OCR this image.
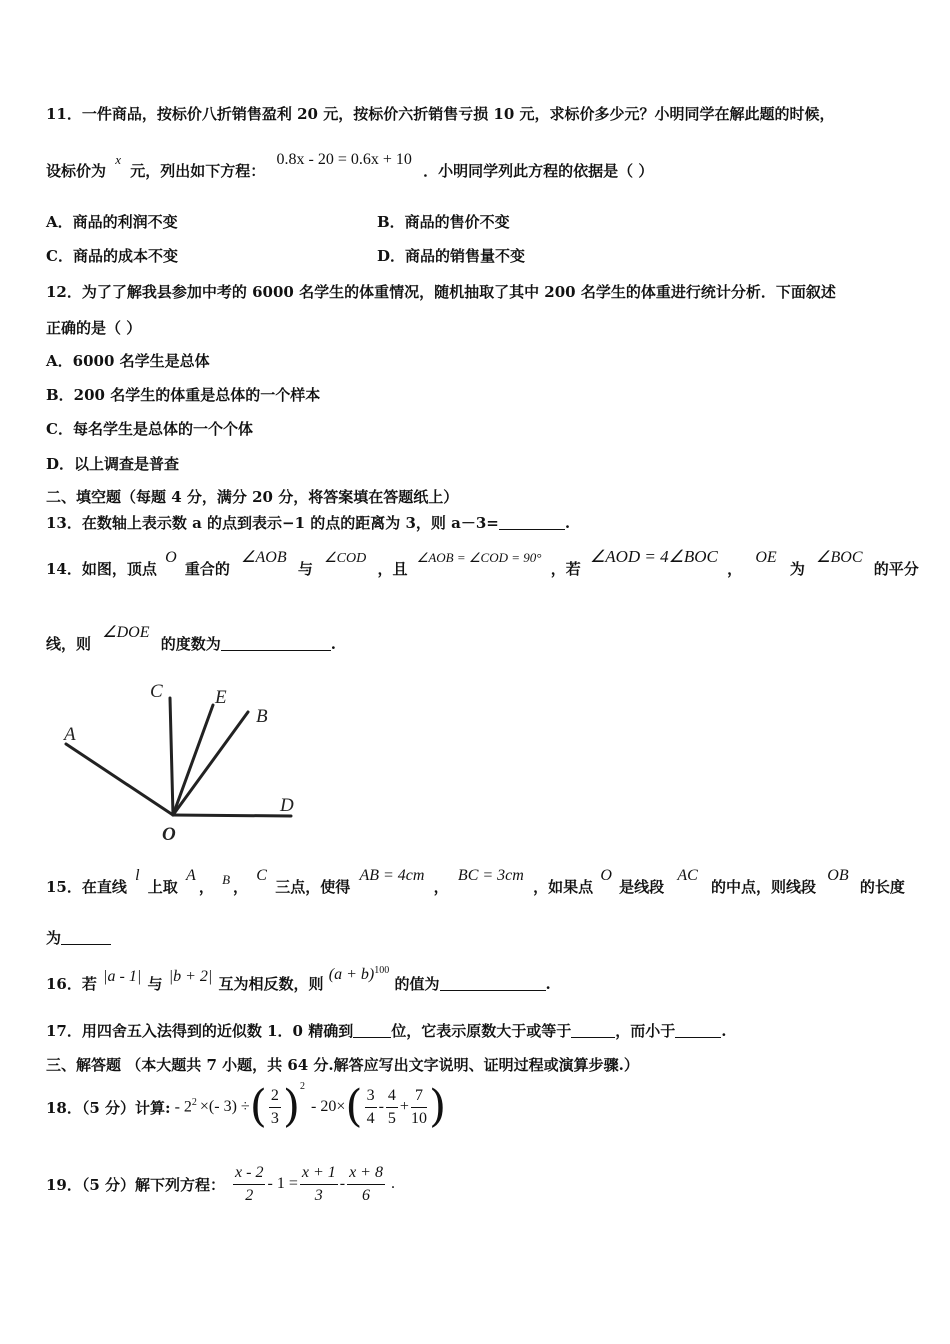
11．一件商品，按标价八折销售盈利 20 元，按标价六折销售亏损 10 元，求标价多少元？小明同学在解此题的时候，
设标价为 x 元，列出如下方程： 0.8x - 20 = 0.6x + 10 ．小明同学列此方程的依据是（ ）
A．商品的利润不变	B．商品的售价不变
C．商品的成本不变	D．商品的销售量不变
12．为了了解我县参加中考的 6000 名学生的体重情况，随机抽取了其中 200 名学生的体重进行统计分析．下面叙述
正确的是（ ）
A．6000 名学生是总体
B．200 名学生的体重是总体的一个样本
C．每名学生是总体的一个个体
D．以上调查是普查
二、填空题（每题 4 分，满分 20 分，将答案填在答题纸上）
13．在数轴上表示数 a 的点到表示−1 的点的距离为 3，则 a－3=	.
14．如图，顶点 O 重合的 ∠AOB 与 ∠COD ，且 ∠AOB = ∠COD = 90° ，若 ∠AOD = 4∠BOC ， OE 为 ∠BOC 的平分
线，则 ∠DOE 的度数为	.
C	E
B
A
D
O
15．在直线 l 上取 A， B ， C 三点，使得 AB = 4cm ， BC = 3cm ，如果点 O 是线段 AC 的中点，则线段 OB 的长度
为
16．若 |a - 1| 与 |b + 2| 互为相反数，则 $(a + b)^{100}$ 的值为	.
17．用四舍五入法得到的近似数 1．0 精确到	位，它表示原数大于或等于	，而小于	.
三、解答题 （本大题共 7 小题，共 64 分.解答应写出文字说明、证明过程或演算步骤.）
18．（5 分）计算: - $2^2$ ×(- 3) ÷ ( $\frac{2}{3} )^2$
- 20× ( $\frac{3}{4} - \frac{4}{5} + \frac{7}{10}$ )
19．（5 分）解下列方程： $\frac{x - 2}{2} - 1 = \frac{x + 1}{3} - \frac{x + 8}{6}$ .
